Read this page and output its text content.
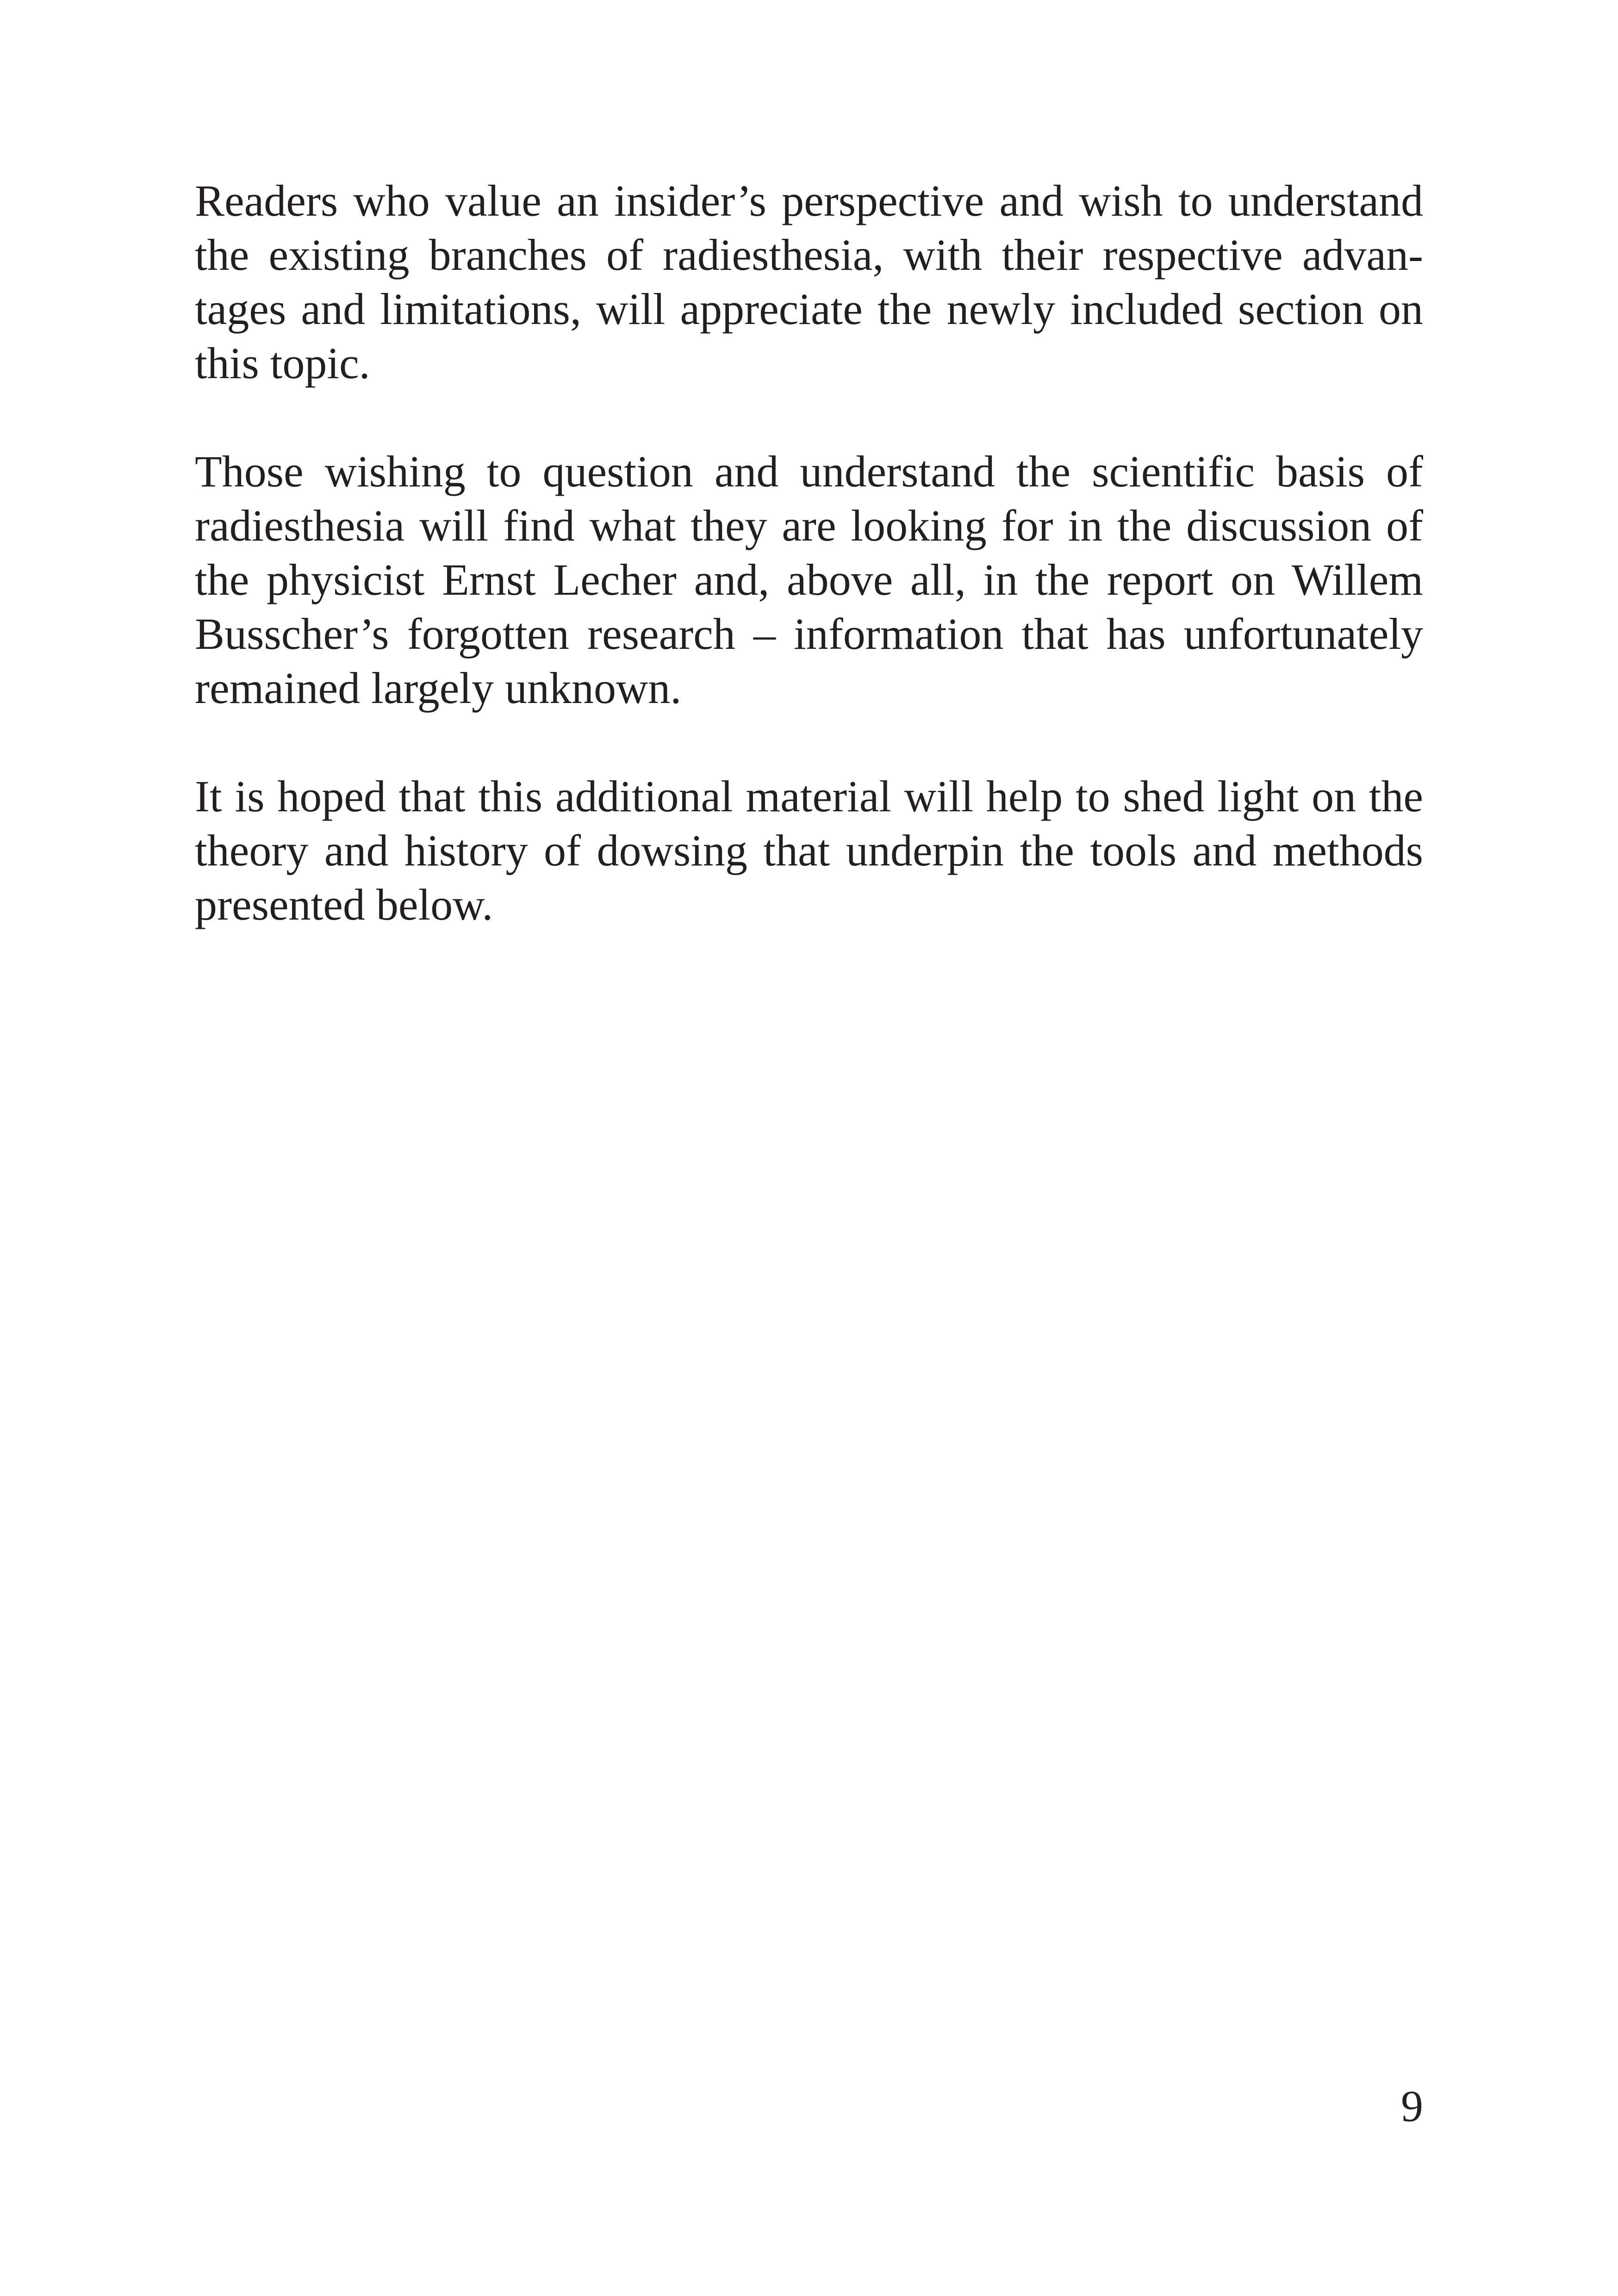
Readers who value an insider’s perspective and wish to understand
the existing branches of radiesthesia, with their respective advan-
tages and limitations, will appreciate the newly included section on
this topic.

Those wishing to question and understand the scientific basis of
radiesthesia will find what they are looking for in the discussion of
the physicist Ernst Lecher and, above all, in the report on Willem
Busscher’s forgotten research – information that has unfortunately
remained largely unknown.

It is hoped that this additional material will help to shed light on the
theory and history of dowsing that underpin the tools and methods
presented below.

9
